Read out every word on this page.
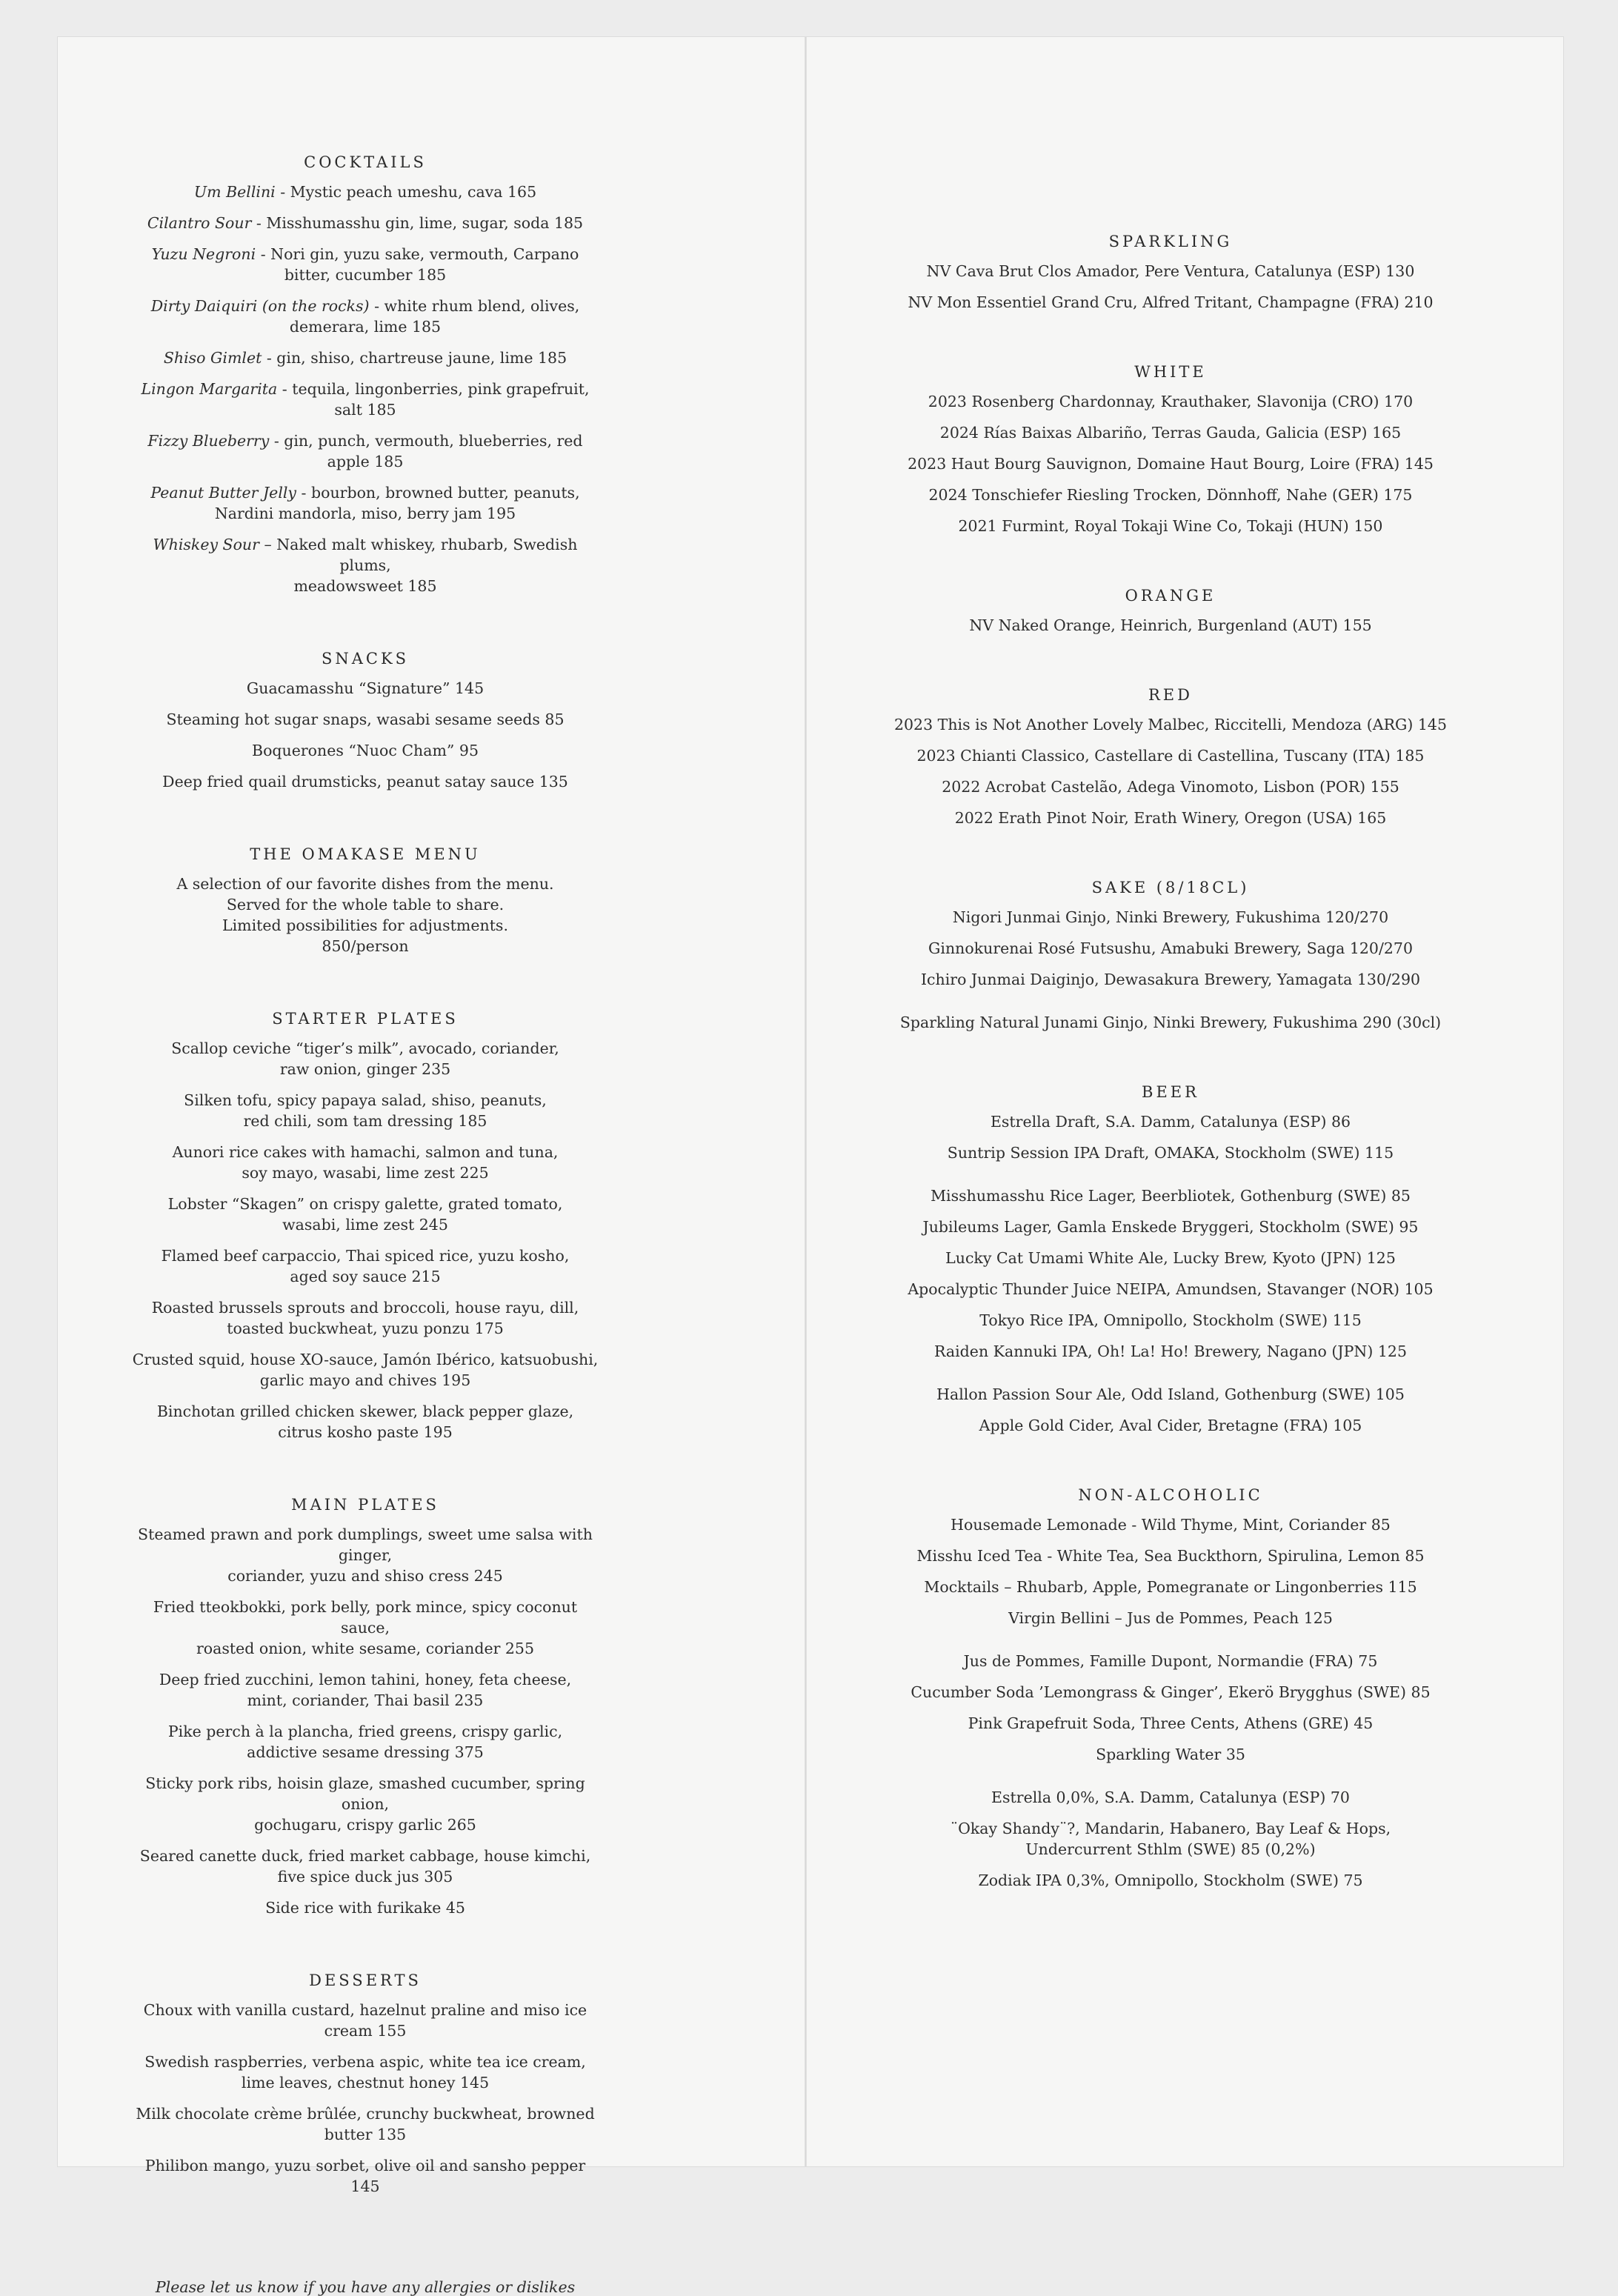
COCKTAILS
Um Bellini - Mystic peach umeshu, cava 165
Cilantro Sour - Misshumasshu gin, lime, sugar, soda 185
Yuzu Negroni - Nori gin, yuzu sake, vermouth, Carpano bitter, cucumber 185
Dirty Daiquiri (on the rocks) - white rhum blend, olives, demerara, lime 185
Shiso Gimlet - gin, shiso, chartreuse jaune, lime 185
Lingon Margarita - tequila, lingonberries, pink grapefruit, salt 185
Fizzy Blueberry - gin, punch, vermouth, blueberries, red apple 185
Peanut Butter Jelly - bourbon, browned butter, peanuts,
Nardini mandorla, miso, berry jam 195
Whiskey Sour – Naked malt whiskey, rhubarb, Swedish plums,
meadowsweet 185
SNACKS
Guacamasshu “Signature” 145
Steaming hot sugar snaps, wasabi sesame seeds 85
Boquerones “Nuoc Cham” 95
Deep fried quail drumsticks, peanut satay sauce 135
THE OMAKASE MENU
A selection of our favorite dishes from the menu.
Served for the whole table to share.
Limited possibilities for adjustments.
850/person
STARTER PLATES
Scallop ceviche “tiger’s milk”, avocado, coriander,
raw onion, ginger 235
Silken tofu, spicy papaya salad, shiso, peanuts,
red chili, som tam dressing 185
Aunori rice cakes with hamachi, salmon and tuna,
soy mayo, wasabi, lime zest 225
Lobster “Skagen” on crispy galette, grated tomato,
wasabi, lime zest 245
Flamed beef carpaccio, Thai spiced rice, yuzu kosho,
aged soy sauce 215
Roasted brussels sprouts and broccoli, house rayu, dill,
toasted buckwheat, yuzu ponzu 175
Crusted squid, house XO-sauce, Jamón Ibérico, katsuobushi,
garlic mayo and chives 195
Binchotan grilled chicken skewer, black pepper glaze,
citrus kosho paste 195
MAIN PLATES
Steamed prawn and pork dumplings, sweet ume salsa with ginger,
coriander, yuzu and shiso cress 245
Fried tteokbokki, pork belly, pork mince, spicy coconut sauce,
roasted onion, white sesame, coriander 255
Deep fried zucchini, lemon tahini, honey, feta cheese,
mint, coriander, Thai basil 235
Pike perch à la plancha, fried greens, crispy garlic,
addictive sesame dressing 375
Sticky pork ribs, hoisin glaze, smashed cucumber, spring onion,
gochugaru, crispy garlic 265
Seared canette duck, fried market cabbage, house kimchi,
five spice duck jus 305
Side rice with furikake 45
DESSERTS
Choux with vanilla custard, hazelnut praline and miso ice cream 155
Swedish raspberries, verbena aspic, white tea ice cream,
lime leaves, chestnut honey 145
Milk chocolate crème brûlée, crunchy buckwheat, browned butter 135
Philibon mango, yuzu sorbet, olive oil and sansho pepper 145
Please let us know if you have any allergies or dislikes
SPARKLING
NV Cava Brut Clos Amador, Pere Ventura, Catalunya (ESP) 130
NV Mon Essentiel Grand Cru, Alfred Tritant, Champagne (FRA) 210
WHITE
2023 Rosenberg Chardonnay, Krauthaker, Slavonija (CRO) 170
2024 Rías Baixas Albariño, Terras Gauda, Galicia (ESP) 165
2023 Haut Bourg Sauvignon, Domaine Haut Bourg, Loire (FRA) 145
2024 Tonschiefer Riesling Trocken, Dönnhoff, Nahe (GER) 175
2021 Furmint, Royal Tokaji Wine Co, Tokaji (HUN) 150
ORANGE
NV Naked Orange, Heinrich, Burgenland (AUT) 155
RED
2023 This is Not Another Lovely Malbec, Riccitelli, Mendoza (ARG) 145
2023 Chianti Classico, Castellare di Castellina, Tuscany (ITA) 185
2022 Acrobat Castelão, Adega Vinomoto, Lisbon (POR) 155
2022 Erath Pinot Noir, Erath Winery, Oregon (USA) 165
SAKE (8/18CL)
Nigori Junmai Ginjo, Ninki Brewery, Fukushima 120/270
Ginnokurenai Rosé Futsushu, Amabuki Brewery, Saga 120/270
Ichiro Junmai Daiginjo, Dewasakura Brewery, Yamagata 130/290
Sparkling Natural Junami Ginjo, Ninki Brewery, Fukushima 290 (30cl)
BEER
Estrella Draft, S.A. Damm, Catalunya (ESP) 86
Suntrip Session IPA Draft, OMAKA, Stockholm (SWE) 115
Misshumasshu Rice Lager, Beerbliotek, Gothenburg (SWE) 85
Jubileums Lager, Gamla Enskede Bryggeri, Stockholm (SWE) 95
Lucky Cat Umami White Ale, Lucky Brew, Kyoto (JPN) 125
Apocalyptic Thunder Juice NEIPA, Amundsen, Stavanger (NOR) 105
Tokyo Rice IPA, Omnipollo, Stockholm (SWE) 115
Raiden Kannuki IPA, Oh! La! Ho! Brewery, Nagano (JPN) 125
Hallon Passion Sour Ale, Odd Island, Gothenburg (SWE) 105
Apple Gold Cider, Aval Cider, Bretagne (FRA) 105
NON-ALCOHOLIC
Housemade Lemonade - Wild Thyme, Mint, Coriander 85
Misshu Iced Tea - White Tea, Sea Buckthorn, Spirulina, Lemon 85
Mocktails – Rhubarb, Apple, Pomegranate or Lingonberries 115
Virgin Bellini – Jus de Pommes, Peach 125
Jus de Pommes, Famille Dupont, Normandie (FRA) 75
Cucumber Soda ’Lemongrass & Ginger’, Ekerö Brygghus (SWE) 85
Pink Grapefruit Soda, Three Cents, Athens (GRE) 45
Sparkling Water 35
Estrella 0,0%, S.A. Damm, Catalunya (ESP) 70
¨Okay Shandy¨?, Mandarin, Habanero, Bay Leaf & Hops,
Undercurrent Sthlm (SWE) 85 (0,2%)
Zodiak IPA 0,3%, Omnipollo, Stockholm (SWE) 75
